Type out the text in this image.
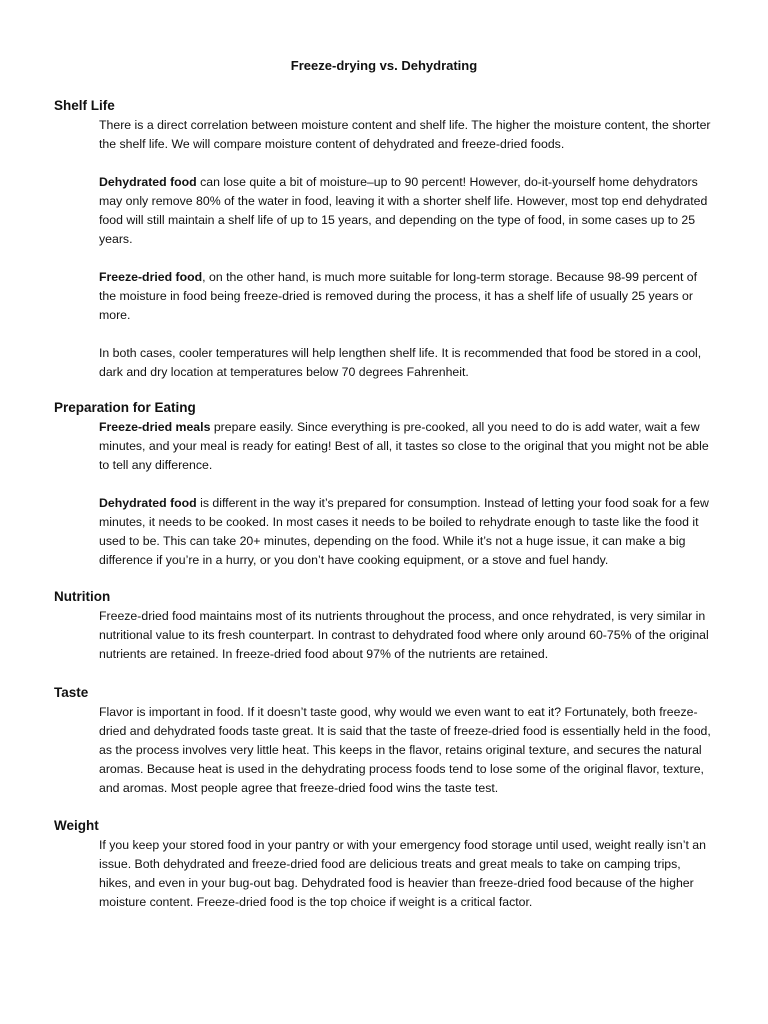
Freeze-drying vs. Dehydrating
Shelf Life

There is a direct correlation between moisture content and shelf life. The higher the moisture content, the shorter the shelf life. We will compare moisture content of dehydrated and freeze-dried foods.

Dehydrated food can lose quite a bit of moisture–up to 90 percent! However, do-it-yourself home dehydrators may only remove 80% of the water in food, leaving it with a shorter shelf life. However, most top end dehydrated food will still maintain a shelf life of up to 15 years, and depending on the type of food, in some cases up to 25 years.

Freeze-dried food, on the other hand, is much more suitable for long-term storage. Because 98-99 percent of the moisture in food being freeze-dried is removed during the process, it has a shelf life of usually 25 years or more.

In both cases, cooler temperatures will help lengthen shelf life. It is recommended that food be stored in a cool, dark and dry location at temperatures below 70 degrees Fahrenheit.

Preparation for Eating

Freeze-dried meals prepare easily. Since everything is pre-cooked, all you need to do is add water, wait a few minutes, and your meal is ready for eating! Best of all, it tastes so close to the original that you might not be able to tell any difference.

Dehydrated food is different in the way it’s prepared for consumption. Instead of letting your food soak for a few minutes, it needs to be cooked. In most cases it needs to be boiled to rehydrate enough to taste like the food it used to be. This can take 20+ minutes, depending on the food. While it’s not a huge issue, it can make a big difference if you’re in a hurry, or you don’t have cooking equipment, or a stove and fuel handy.

Nutrition

Freeze-dried food maintains most of its nutrients throughout the process, and once rehydrated, is very similar in nutritional value to its fresh counterpart. In contrast to dehydrated food where only around 60-75% of the original nutrients are retained. In freeze-dried food about 97% of the nutrients are retained.

Taste

Flavor is important in food. If it doesn’t taste good, why would we even want to eat it? Fortunately, both freeze-dried and dehydrated foods taste great. It is said that the taste of freeze-dried food is essentially held in the food, as the process involves very little heat. This keeps in the flavor, retains original texture, and secures the natural aromas. Because heat is used in the dehydrating process foods tend to lose some of the original flavor, texture, and aromas. Most people agree that freeze-dried food wins the taste test.

Weight

If you keep your stored food in your pantry or with your emergency food storage until used, weight really isn’t an issue. Both dehydrated and freeze-dried food are delicious treats and great meals to take on camping trips, hikes, and even in your bug-out bag. Dehydrated food is heavier than freeze-dried food because of the higher moisture content. Freeze-dried food is the top choice if weight is a critical factor.
